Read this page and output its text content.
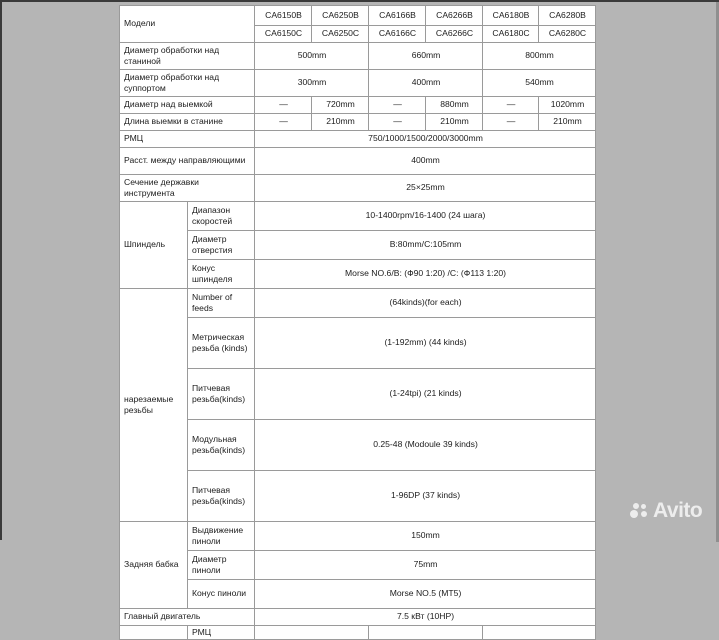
Модели		CA6150B	CA6250B	CA6166B	CA6266B	CA6180B	CA6280B
		CA6150C	CA6250C	CA6166C	CA6266C	CA6180C	CA6280C
Диаметр обработки над станиной		500mm		660mm		800mm	
Диаметр обработки над суппортом		300mm		400mm		540mm	
Диаметр над выемкой		—	720mm	—	880mm	—	1020mm
Длина выемки в станине		—	210mm	—	210mm	—	210mm
РМЦ		750/1000/1500/2000/3000mm					
Расст. между направляющими		400mm					
Сечение державки инструмента		25×25mm					
Шпиндель	Диапазон скоростей	10-1400rpm/16-1400 (24 шага)					
	Диаметр отверстия	B:80mm/C:105mm					
	Конус шпинделя	Morse NO.6/B: (Ф90 1:20) /C: (Ф113 1:20)					
нарезаемые резьбы	Number of feeds	(64kinds)(for each)					
	Метрическая резьба (kinds)	(1-192mm) (44 kinds)					
	Питчевая резьба(kinds)	(1-24tpi) (21 kinds)					
	Модульная резьба(kinds)	0.25-48 (Modoule 39 kinds)					
	Питчевая резьба(kinds)	1-96DP (37 kinds)					
Задняя бабка	Выдвижение пиноли	150mm					
	Диаметр пиноли	75mm					
	Конус пиноли	Morse NO.5 (MT5)					
Главный двигатель		7.5 кВт (10HP)					
	РМЦ						
Avito
